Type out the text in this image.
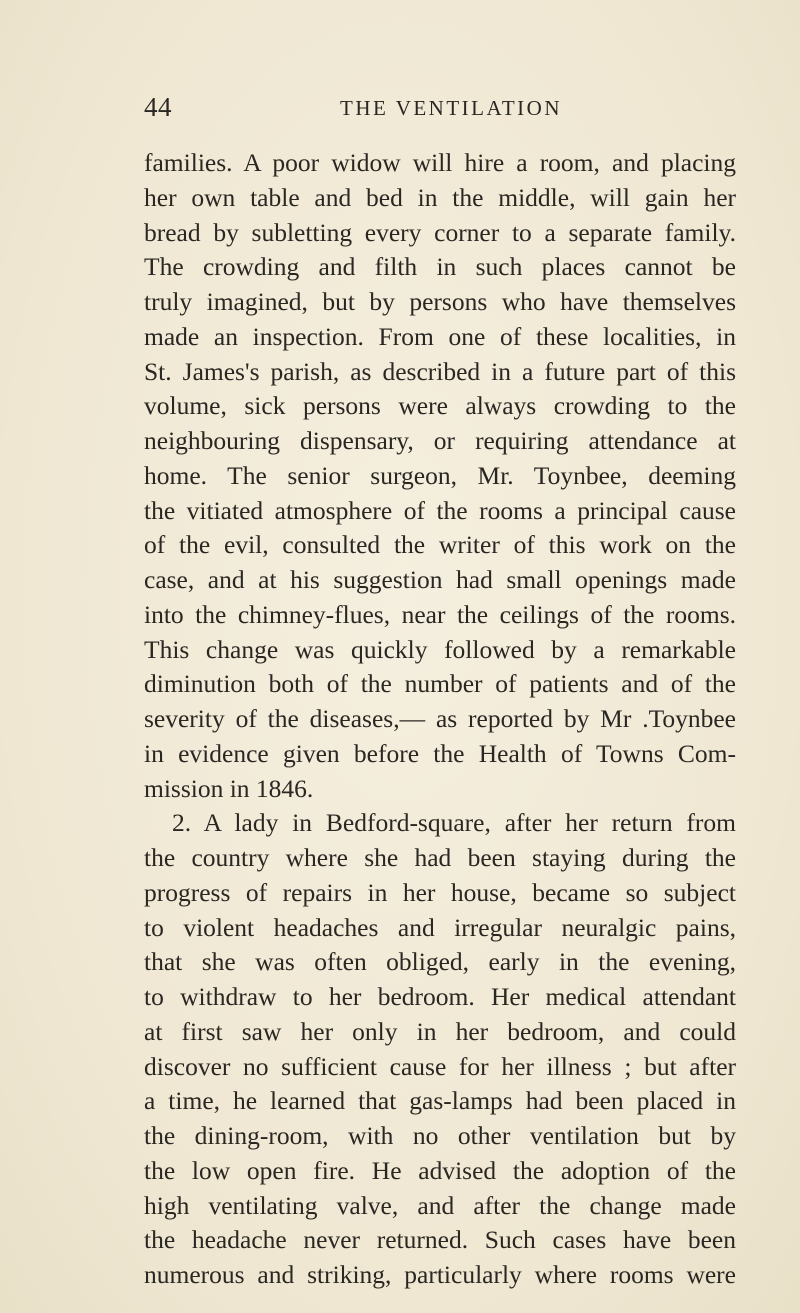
44	THE VENTILATION
families. A poor widow will hire a room, and placing
her own table and bed in the middle, will gain her
bread by subletting every corner to a separate family.
The crowding and filth in such places cannot be
truly imagined, but by persons who have themselves
made an inspection. From one of these localities, in
St. James's parish, as described in a future part of this
volume, sick persons were always crowding to the
neighbouring dispensary, or requiring attendance at
home. The senior surgeon, Mr. Toynbee, deeming
the vitiated atmosphere of the rooms a principal cause
of the evil, consulted the writer of this work on the
case, and at his suggestion had small openings made
into the chimney-flues, near the ceilings of the rooms.
This change was quickly followed by a remarkable
diminution both of the number of patients and of the
severity of the diseases,— as reported by Mr .Toynbee
in evidence given before the Health of Towns Com-
mission in 1846.
2. A lady in Bedford-square, after her return from
the country where she had been staying during the
progress of repairs in her house, became so subject
to violent headaches and irregular neuralgic pains,
that she was often obliged, early in the evening,
to withdraw to her bedroom. Her medical attendant
at first saw her only in her bedroom, and could
discover no sufficient cause for her illness ; but after
a time, he learned that gas-lamps had been placed in
the dining-room, with no other ventilation but by
the low open fire. He advised the adoption of the
high ventilating valve, and after the change made
the headache never returned. Such cases have been
numerous and striking, particularly where rooms were
